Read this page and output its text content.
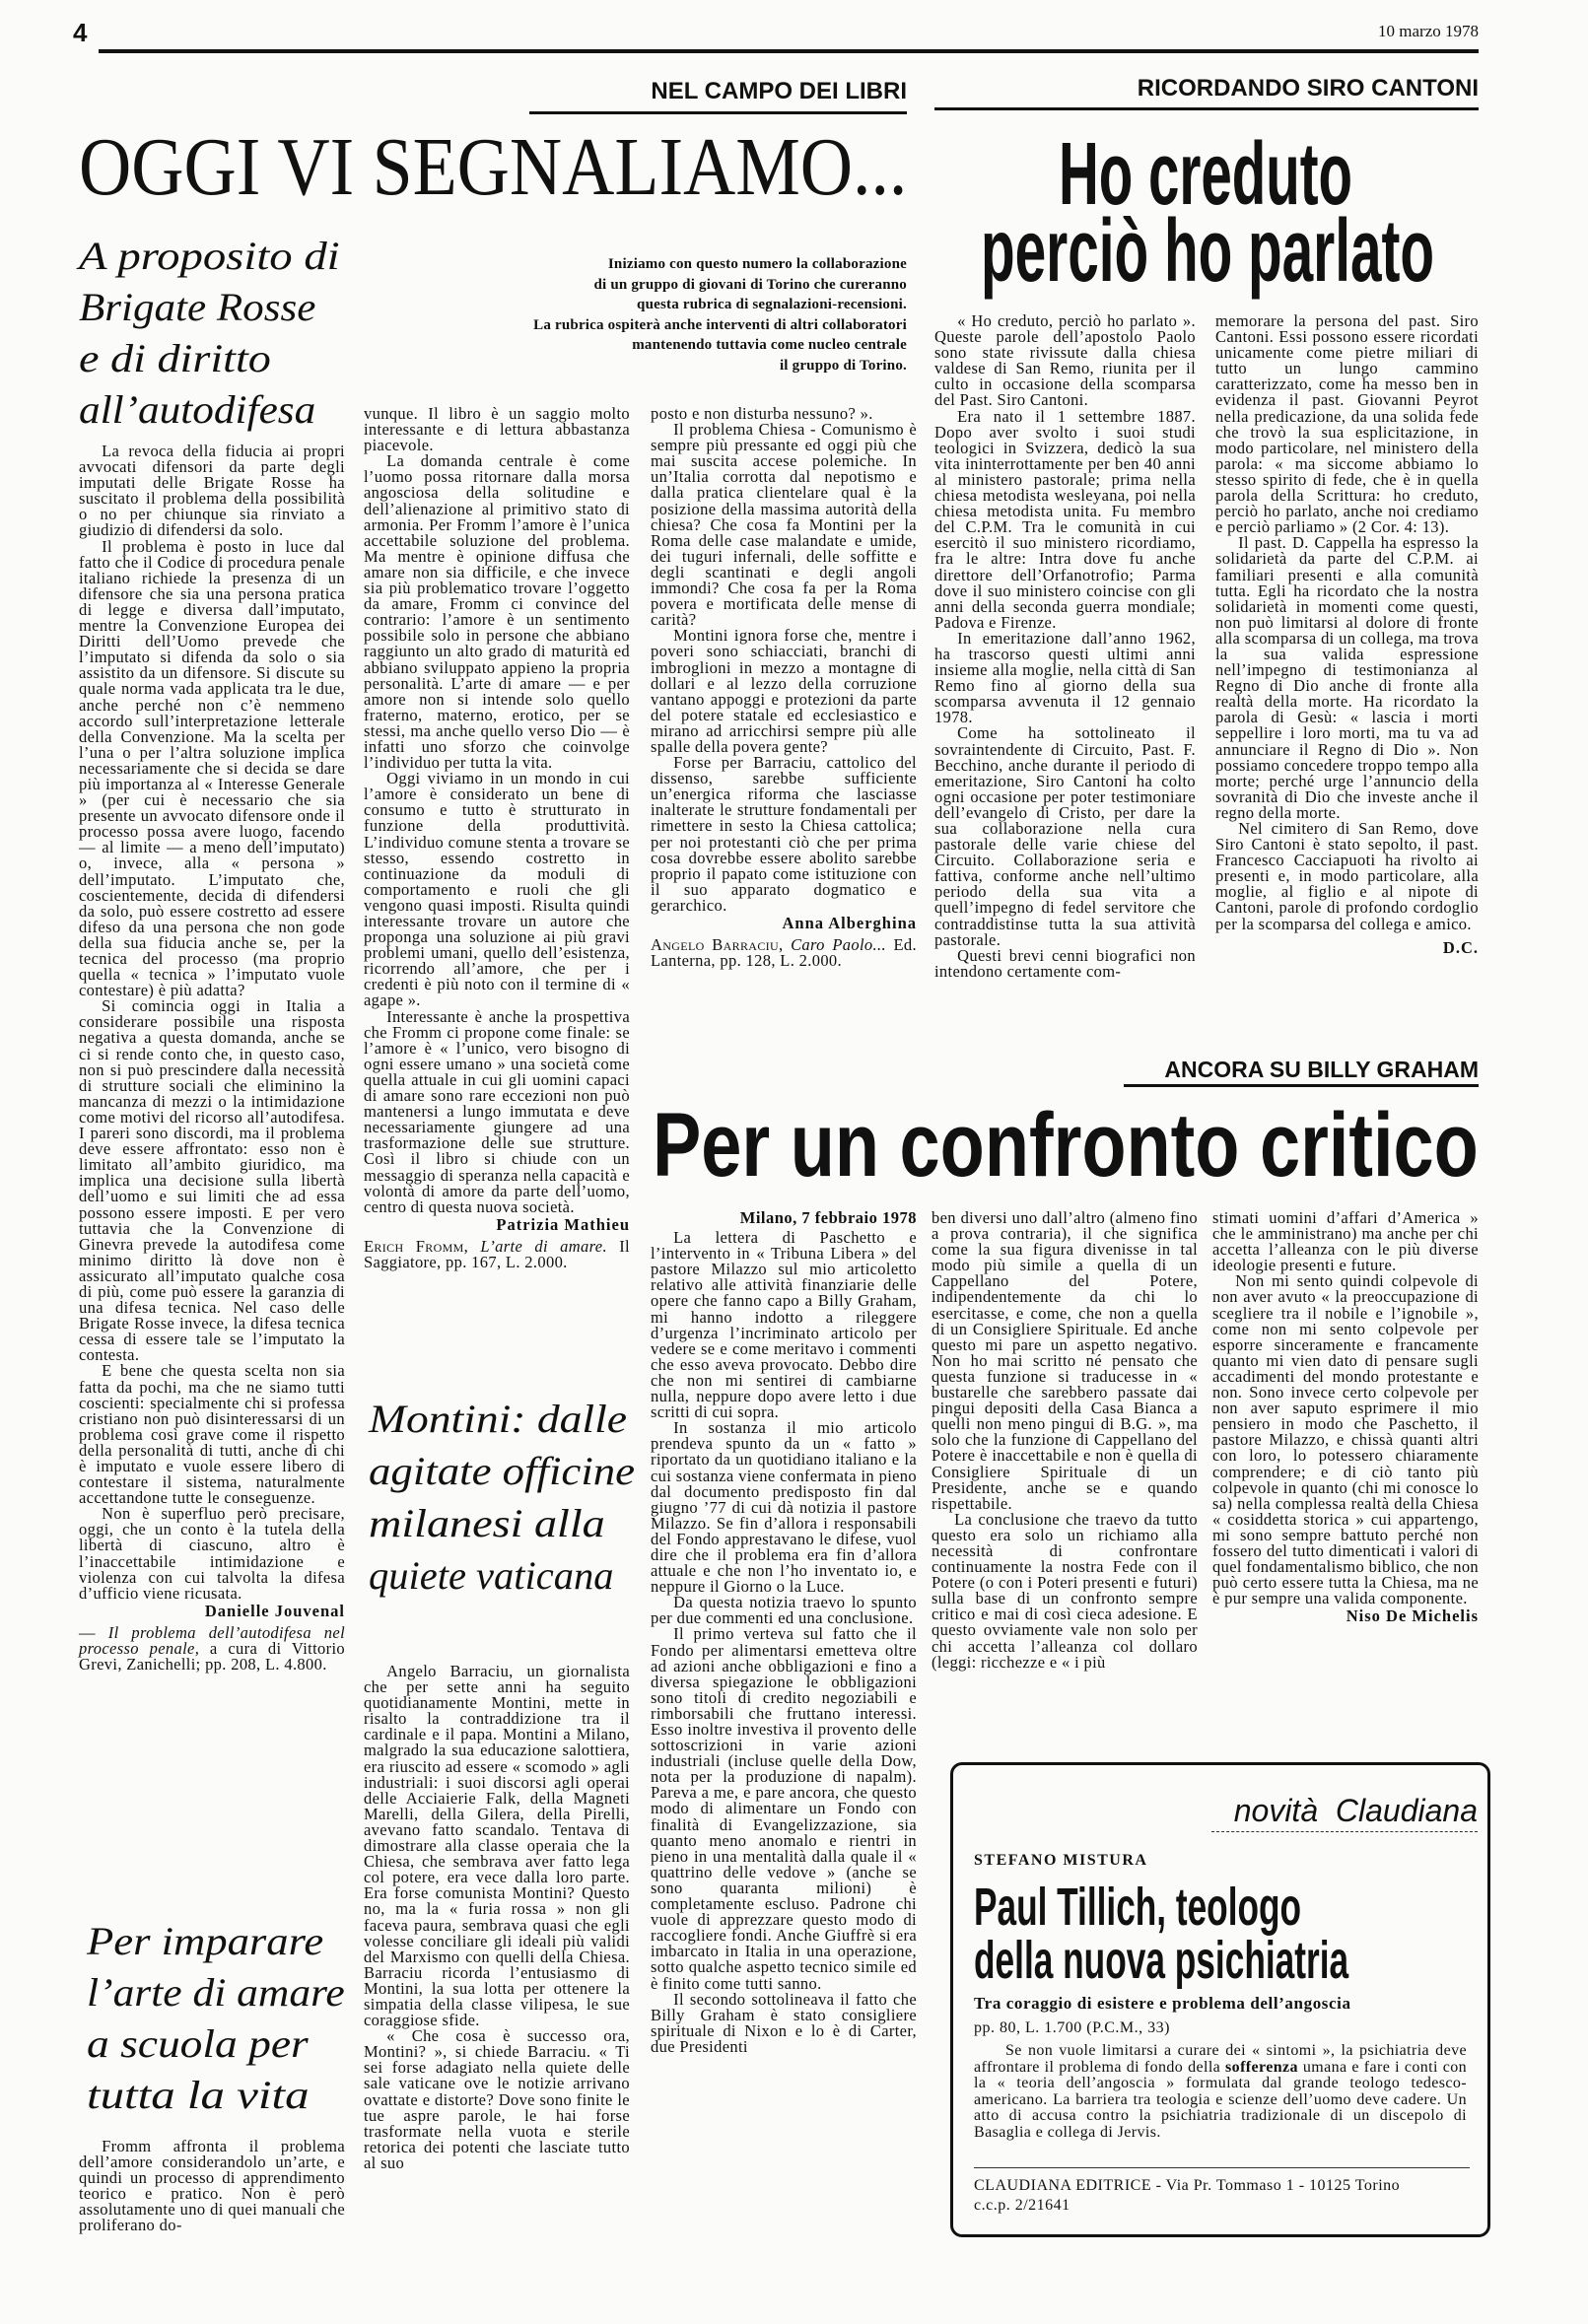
4	10 marzo 1978
NEL CAMPO DEI LIBRI	RICORDANDO SIRO CANTONI
OGGI VI SEGNALIAMO... Ho creduto
perciò ho parlato
Iniziamo con questo numero la collaborazione
di un gruppo di giovani di Torino che cureranno
questa rubrica di segnalazioni-recensioni.
La rubrica ospiterà anche interventi di altri collaboratori
mantenendo tuttavia come nucleo centrale
il gruppo di Torino.
A proposito di
Brigate Rosse
e di diritto
all’autodifesa

La revoca della fiducia ai propri avvocati difensori da parte degli imputati delle Brigate Rosse ha suscitato il problema della possibilità o no per chiunque sia rinviato a giudizio di difendersi da solo.

Il problema è posto in luce dal fatto che il Codice di procedura penale italiano richiede la presenza di un difensore che sia una persona pratica di legge e diversa dall’imputato, mentre la Convenzione Europea dei Diritti dell’Uomo prevede che l’imputato si difenda da solo o sia assistito da un difensore. Si discute su quale norma vada applicata tra le due, anche perché non c’è nemmeno accordo sull’interpretazione letterale della Convenzione. Ma la scelta per l’una o per l’altra soluzione implica necessariamente che si decida se dare più importanza al « Interesse Generale » (per cui è necessario che sia presente un avvocato difensore onde il processo possa avere luogo, facendo — al limite — a meno dell’imputato) o, invece, alla « persona » dell’imputato. L’imputato che, coscientemente, decida di difendersi da solo, può essere costretto ad essere difeso da una persona che non gode della sua fiducia anche se, per la tecnica del processo (ma proprio quella « tecnica » l’imputato vuole contestare) è più adatta?

Si comincia oggi in Italia a considerare possibile una risposta negativa a questa domanda, anche se ci si rende conto che, in questo caso, non si può prescindere dalla necessità di strutture sociali che eliminino la mancanza di mezzi o la intimidazione come motivi del ricorso all’autodifesa. I pareri sono discordi, ma il problema deve essere affrontato: esso non è limitato all’ambito giuridico, ma implica una decisione sulla libertà dell’uomo e sui limiti che ad essa possono essere imposti. E per vero tuttavia che la Convenzione di Ginevra prevede la autodifesa come minimo diritto là dove non è assicurato all’imputato qualche cosa di più, come può essere la garanzia di una difesa tecnica. Nel caso delle Brigate Rosse invece, la difesa tecnica cessa di essere tale se l’imputato la contesta.

E bene che questa scelta non sia fatta da pochi, ma che ne siamo tutti coscienti: specialmente chi si professa cristiano non può disinteressarsi di un problema così grave come il rispetto della personalità di tutti, anche di chi è imputato e vuole essere libero di contestare il sistema, naturalmente accettandone tutte le conseguenze.

Non è superfluo però precisare, oggi, che un conto è la tutela della libertà di ciascuno, altro è l’inaccettabile intimidazione e violenza con cui talvolta la difesa d’ufficio viene ricusata.

Danielle Jouvenal

— Il problema dell’autodifesa nel processo penale, a cura di Vittorio Grevi, Zanichelli; pp. 208, L. 4.800.

Per imparare
l’arte di amare
a scuola per
tutta la vita

Fromm affronta il problema dell’amore considerandolo un’arte, e quindi un processo di apprendimento teorico e pratico. Non è però assolutamente uno di quei manuali che proliferano do-

vunque. Il libro è un saggio molto interessante e di lettura abbastanza piacevole.

La domanda centrale è come l’uomo possa ritornare dalla morsa angosciosa della solitudine e dell’alienazione al primitivo stato di armonia. Per Fromm l’amore è l’unica accettabile soluzione del problema. Ma mentre è opinione diffusa che amare non sia difficile, e che invece sia più problematico trovare l’oggetto da amare, Fromm ci convince del contrario: l’amore è un sentimento possibile solo in persone che abbiano raggiunto un alto grado di maturità ed abbiano sviluppato appieno la propria personalità. L’arte di amare — e per amore non si intende solo quello fraterno, materno, erotico, per se stessi, ma anche quello verso Dio — è infatti uno sforzo che coinvolge l’individuo per tutta la vita.

Oggi viviamo in un mondo in cui l’amore è considerato un bene di consumo e tutto è strutturato in funzione della produttività. L’individuo comune stenta a trovare se stesso, essendo costretto in continuazione da moduli di comportamento e ruoli che gli vengono quasi imposti. Risulta quindi interessante trovare un autore che proponga una soluzione ai più gravi problemi umani, quello dell’esistenza, ricorrendo all’amore, che per i credenti è più noto con il termine di « agape ».

Interessante è anche la prospettiva che Fromm ci propone come finale: se l’amore è « l’unico, vero bisogno di ogni essere umano » una società come quella attuale in cui gli uomini capaci di amare sono rare eccezioni non può mantenersi a lungo immutata e deve necessariamente giungere ad una trasformazione delle sue strutture. Così il libro si chiude con un messaggio di speranza nella capacità e volontà di amore da parte dell’uomo, centro di questa nuova società.

Patrizia Mathieu

Erich Fromm, L’arte di amare. Il Saggiatore, pp. 167, L. 2.000.

Montini: dalle
agitate officine
milanesi alla
quiete vaticana

Angelo Barraciu, un giornalista che per sette anni ha seguito quotidianamente Montini, mette in risalto la contraddizione tra il cardinale e il papa. Montini a Milano, malgrado la sua educazione salottiera, era riuscito ad essere « scomodo » agli industriali: i suoi discorsi agli operai delle Acciaierie Falk, della Magneti Marelli, della Gilera, della Pirelli, avevano fatto scandalo. Tentava di dimostrare alla classe operaia che la Chiesa, che sembrava aver fatto lega col potere, era vece dalla loro parte. Era forse comunista Montini? Questo no, ma la « furia rossa » non gli faceva paura, sembrava quasi che egli volesse conciliare gli ideali più validi del Marxismo con quelli della Chiesa. Barraciu ricorda l’entusiasmo di Montini, la sua lotta per ottenere la simpatia della classe vilipesa, le sue coraggiose sfide.

« Che cosa è successo ora, Montini? », si chiede Barraciu. « Ti sei forse adagiato nella quiete delle sale vaticane ove le notizie arrivano ovattate e distorte? Dove sono finite le tue aspre parole, le hai forse trasformate nella vuota e sterile retorica dei potenti che lasciate tutto al suo

posto e non disturba nessuno? ».

Il problema Chiesa - Comunismo è sempre più pressante ed oggi più che mai suscita accese polemiche. In un’Italia corrotta dal nepotismo e dalla pratica clientelare qual è la posizione della massima autorità della chiesa? Che cosa fa Montini per la Roma delle case malandate e umide, dei tuguri infernali, delle soffitte e degli scantinati e degli angoli immondi? Che cosa fa per la Roma povera e mortificata delle mense di carità?

Montini ignora forse che, mentre i poveri sono schiacciati, branchi di imbroglioni in mezzo a montagne di dollari e al lezzo della corruzione vantano appoggi e protezioni da parte del potere statale ed ecclesiastico e mirano ad arricchirsi sempre più alle spalle della povera gente?

Forse per Barraciu, cattolico del dissenso, sarebbe sufficiente un’energica riforma che lasciasse inalterate le strutture fondamentali per rimettere in sesto la Chiesa cattolica; per noi protestanti ciò che per prima cosa dovrebbe essere abolito sarebbe proprio il papato come istituzione con il suo apparato dogmatico e gerarchico.

Anna Alberghina

Angelo Barraciu, Caro Paolo... Ed. Lanterna, pp. 128, L. 2.000.

« Ho creduto, perciò ho parlato ». Queste parole dell’apostolo Paolo sono state rivissute dalla chiesa valdese di San Remo, riunita per il culto in occasione della scomparsa del Past. Siro Cantoni.

Era nato il 1 settembre 1887. Dopo aver svolto i suoi studi teologici in Svizzera, dedicò la sua vita ininterrottamente per ben 40 anni al ministero pastorale; prima nella chiesa metodista wesleyana, poi nella chiesa metodista unita. Fu membro del C.P.M. Tra le comunità in cui esercitò il suo ministero ricordiamo, fra le altre: Intra dove fu anche direttore dell’Orfanotrofio; Parma dove il suo ministero coincise con gli anni della seconda guerra mondiale; Padova e Firenze.

In emeritazione dall’anno 1962, ha trascorso questi ultimi anni insieme alla moglie, nella città di San Remo fino al giorno della sua scomparsa avvenuta il 12 gennaio 1978.

Come ha sottolineato il sovraintendente di Circuito, Past. F. Becchino, anche durante il periodo di emeritazione, Siro Cantoni ha colto ogni occasione per poter testimoniare dell’evangelo di Cristo, per dare la sua collaborazione nella cura pastorale delle varie chiese del Circuito. Collaborazione seria e fattiva, conforme anche nell’ultimo periodo della sua vita a quell’impegno di fedel servitore che contraddistinse tutta la sua attività pastorale.

Questi brevi cenni biografici non intendono certamente com-

memorare la persona del past. Siro Cantoni. Essi possono essere ricordati unicamente come pietre miliari di tutto un lungo cammino caratterizzato, come ha messo ben in evidenza il past. Giovanni Peyrot nella predicazione, da una solida fede che trovò la sua esplicitazione, in modo particolare, nel ministero della parola: « ma siccome abbiamo lo stesso spirito di fede, che è in quella parola della Scrittura: ho creduto, perciò ho parlato, anche noi crediamo e perciò parliamo » (2 Cor. 4: 13).

Il past. D. Cappella ha espresso la solidarietà da parte del C.P.M. ai familiari presenti e alla comunità tutta. Egli ha ricordato che la nostra solidarietà in momenti come questi, non può limitarsi al dolore di fronte alla scomparsa di un collega, ma trova la sua valida espressione nell’impegno di testimonianza al Regno di Dio anche di fronte alla realtà della morte. Ha ricordato la parola di Gesù: « lascia i morti seppellire i loro morti, ma tu va ad annunciare il Regno di Dio ». Non possiamo concedere troppo tempo alla morte; perché urge l’annuncio della sovranità di Dio che investe anche il regno della morte.

Nel cimitero di San Remo, dove Siro Cantoni è stato sepolto, il past. Francesco Cacciapuoti ha rivolto ai presenti e, in modo particolare, alla moglie, al figlio e al nipote di Cantoni, parole di profondo cordoglio per la scomparsa del collega e amico.

D.C.

ANCORA SU BILLY GRAHAM
Per un confronto critico

Milano, 7 febbraio 1978

La lettera di Paschetto e l’intervento in « Tribuna Libera » del pastore Milazzo sul mio articoletto relativo alle attività finanziarie delle opere che fanno capo a Billy Graham, mi hanno indotto a rileggere d’urgenza l’incriminato articolo per vedere se e come meritavo i commenti che esso aveva provocato. Debbo dire che non mi sentirei di cambiarne nulla, neppure dopo avere letto i due scritti di cui sopra.

In sostanza il mio articolo prendeva spunto da un « fatto » riportato da un quotidiano italiano e la cui sostanza viene confermata in pieno dal documento predisposto fin dal giugno ’77 di cui dà notizia il pastore Milazzo. Se fin d’allora i responsabili del Fondo apprestavano le difese, vuol dire che il problema era fin d’allora attuale e che non l’ho inventato io, e neppure il Giorno o la Luce.

Da questa notizia traevo lo spunto per due commenti ed una conclusione.

Il primo verteva sul fatto che il Fondo per alimentarsi emetteva oltre ad azioni anche obbligazioni e fino a diversa spiegazione le obbligazioni sono titoli di credito negoziabili e rimborsabili che fruttano interessi. Esso inoltre investiva il provento delle sottoscrizioni in varie azioni industriali (incluse quelle della Dow, nota per la produzione di napalm). Pareva a me, e pare ancora, che questo modo di alimentare un Fondo con finalità di Evangelizzazione, sia quanto meno anomalo e rientri in pieno in una mentalità dalla quale il « quattrino delle vedove » (anche se sono quaranta milioni) è completamente escluso. Padrone chi vuole di apprezzare questo modo di raccogliere fondi. Anche Giuffrè si era imbarcato in Italia in una operazione, sotto qualche aspetto tecnico simile ed è finito come tutti sanno.

Il secondo sottolineava il fatto che Billy Graham è stato consigliere spirituale di Nixon e lo è di Carter, due Presidenti

ben diversi uno dall’altro (almeno fino a prova contraria), il che significa come la sua figura divenisse in tal modo più simile a quella di un Cappellano del Potere, indipendentemente da chi lo esercitasse, e come, che non a quella di un Consigliere Spirituale. Ed anche questo mi pare un aspetto negativo. Non ho mai scritto né pensato che questa funzione si traducesse in « bustarelle che sarebbero passate dai pingui depositi della Casa Bianca a quelli non meno pingui di B.G. », ma solo che la funzione di Cappellano del Potere è inaccettabile e non è quella di Consigliere Spirituale di un Presidente, anche se e quando rispettabile.

La conclusione che traevo da tutto questo era solo un richiamo alla necessità di confrontare continuamente la nostra Fede con il Potere (o con i Poteri presenti e futuri) sulla base di un confronto sempre critico e mai di così cieca adesione. E questo ovviamente vale non solo per chi accetta l’alleanza col dollaro (leggi: ricchezze e « i più

stimati uomini d’affari d’America » che le amministrano) ma anche per chi accetta l’alleanza con le più diverse ideologie presenti e future.

Non mi sento quindi colpevole di non aver avuto « la preoccupazione di scegliere tra il nobile e l’ignobile », come non mi sento colpevole per esporre sinceramente e francamente quanto mi vien dato di pensare sugli accadimenti del mondo protestante e non. Sono invece certo colpevole per non aver saputo esprimere il mio pensiero in modo che Paschetto, il pastore Milazzo, e chissà quanti altri con loro, lo potessero chiaramente comprendere; e di ciò tanto più colpevole in quanto (chi mi conosce lo sa) nella complessa realtà della Chiesa « cosiddetta storica » cui appartengo, mi sono sempre battuto perché non fossero del tutto dimenticati i valori di quel fondamentalismo biblico, che non può certo essere tutta la Chiesa, ma ne è pur sempre una valida componente.

Niso De Michelis

novità  Claudiana
STEFANO MISTURA
Paul Tillich, teologo
della nuova psichiatria
Tra coraggio di esistere e problema dell’angoscia
pp. 80, L. 1.700 (P.C.M., 33)
Se non vuole limitarsi a curare dei « sintomi », la psichiatria deve affrontare il problema di fondo della sofferenza umana e fare i conti con la « teoria dell’angoscia » formulata dal grande teologo tedesco-americano. La barriera tra teologia e scienze dell’uomo deve cadere. Un atto di accusa contro la psichiatria tradizionale di un discepolo di Basaglia e collega di Jervis.
CLAUDIANA EDITRICE - Via Pr. Tommaso 1 - 10125 Torino
c.c.p. 2/21641
